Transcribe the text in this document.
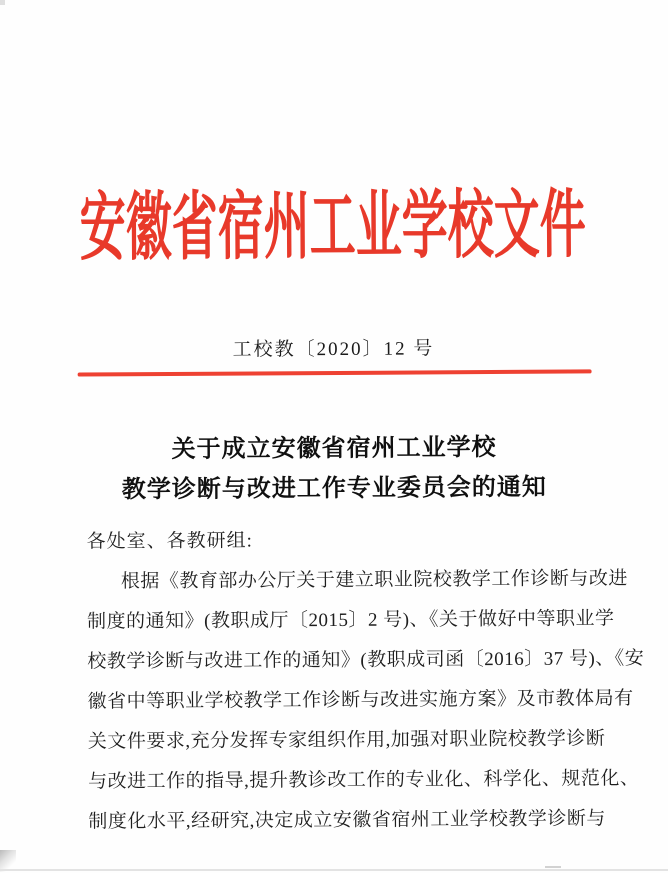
安徽省宿州工业学校文件
工校教〔2020〕12 号
关于成立安徽省宿州工业学校
教学诊断与改进工作专业委员会的通知
各处室、各教研组:
根据《教育部办公厅关于建立职业院校教学工作诊断与改进
制度的通知》(教职成厅〔2015〕2 号)、《关于做好中等职业学
校教学诊断与改进工作的通知》(教职成司函〔2016〕37 号)、《安
徽省中等职业学校教学工作诊断与改进实施方案》及市教体局有
关文件要求,充分发挥专家组织作用,加强对职业院校教学诊断
与改进工作的指导,提升教诊改工作的专业化、科学化、规范化、
制度化水平,经研究,决定成立安徽省宿州工业学校教学诊断与
